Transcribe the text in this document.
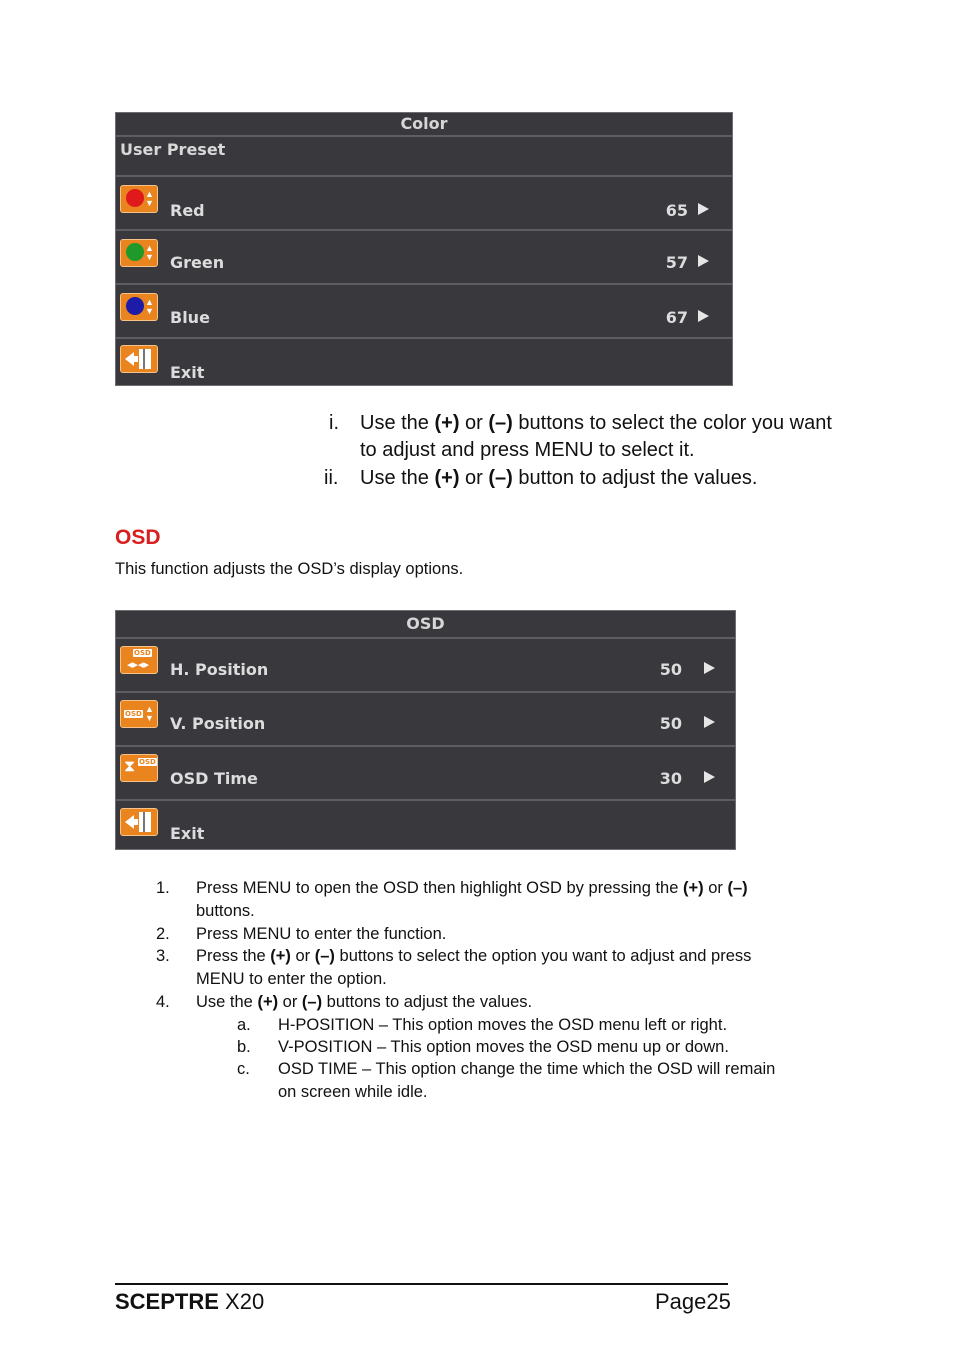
Color
User Preset
▲
▼ Red	65
▲
▼ Green	57
▲
▼ Blue	67
Exit
i. Use the (+) or (–) buttons to select the color you want
to adjust and press MENU to select it.
ii. Use the (+) or (–) button to adjust the values.
OSD
This function adjusts the OSD’s display options.
OSD
OSD
◂▸◂▸ H. Position	50
OSD ▲
▼ V. Position	50
⧗ OSD
OSD Time	30
Exit
1. Press MENU to open the OSD then highlight OSD by pressing the (+) or (–)
buttons.
2. Press MENU to enter the function.
3. Press the (+) or (–) buttons to select the option you want to adjust and press
MENU to enter the option.
4. Use the (+) or (–) buttons to adjust the values.
a. H-POSITION – This option moves the OSD menu left or right.
b. V-POSITION – This option moves the OSD menu up or down.
c. OSD TIME – This option change the time which the OSD will remain
on screen while idle.
SCEPTRE X20	Page25
